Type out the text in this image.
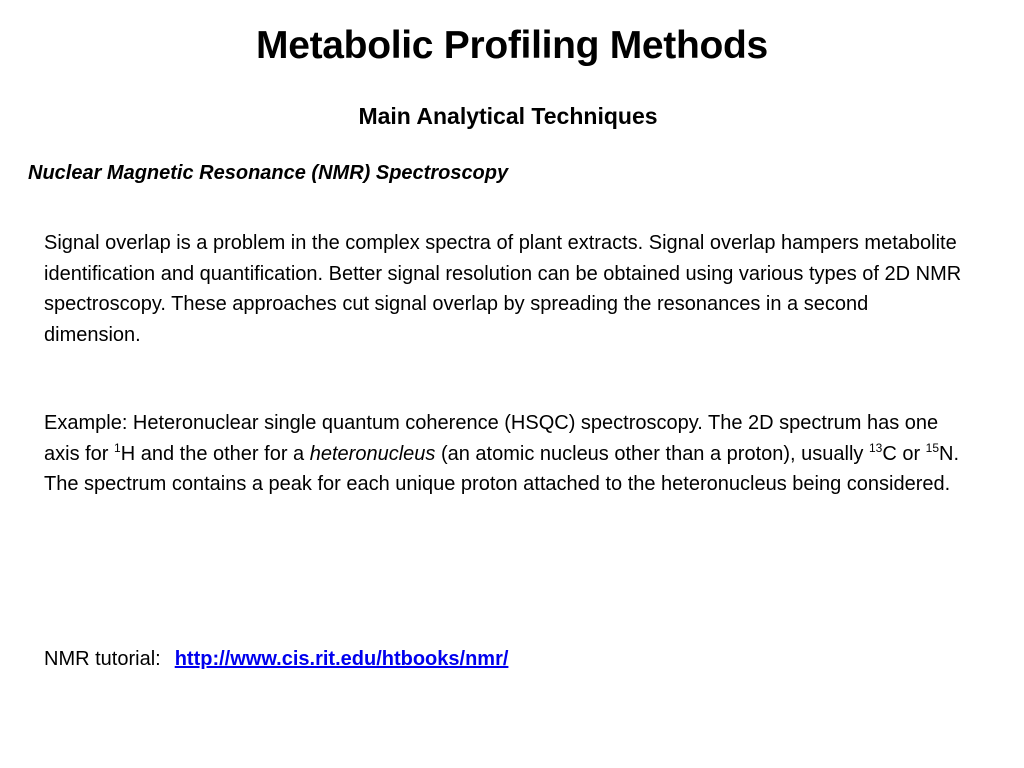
Metabolic Profiling Methods
Main Analytical Techniques
Nuclear Magnetic Resonance (NMR) Spectroscopy

Signal overlap is a problem in the complex spectra of plant extracts. Signal overlap hampers metabolite identification and quantification. Better signal resolution can be obtained using various types of 2D NMR spectroscopy. These approaches cut signal overlap by spreading the resonances in a second dimension.

Example: Heteronuclear single quantum coherence (HSQC) spectroscopy. The 2D spectrum has one axis for $^1$H and the other for a heteronucleus (an atomic nucleus other than a proton), usually $^{13}$C or $^{15}$N. The spectrum contains a peak for each unique proton attached to the heteronucleus being considered.

NMR tutorial: http://www.cis.rit.edu/htbooks/nmr/
